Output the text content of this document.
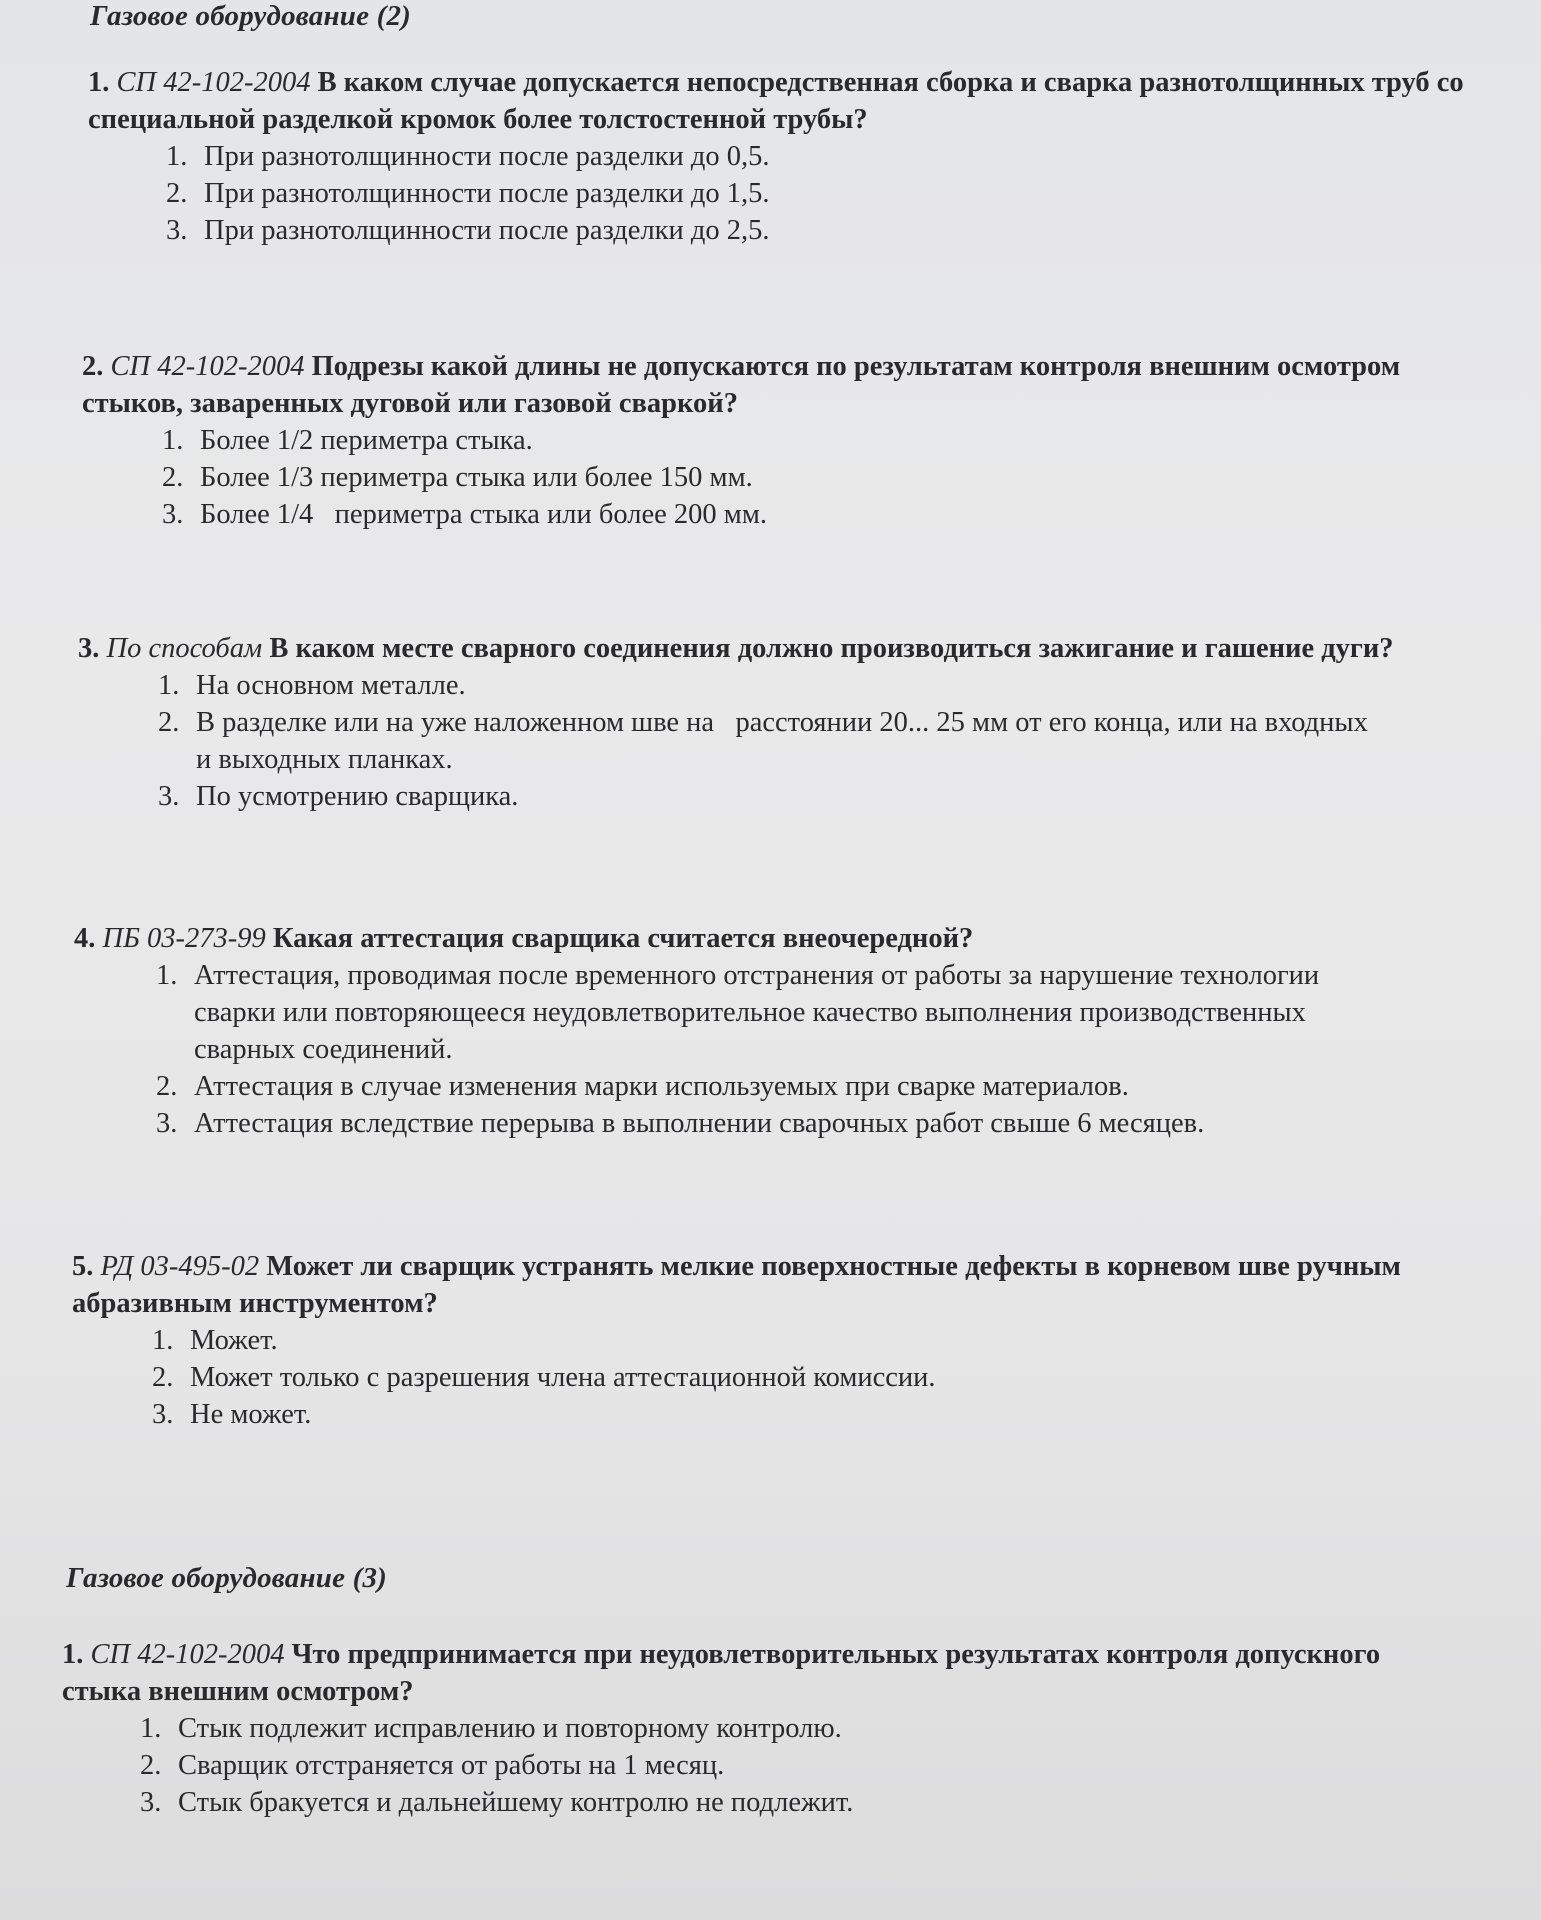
Газовое оборудование (2)
1. СП 42-102-2004 В каком случае допускается непосредственная сборка и сварка разнотолщинных труб со специальной разделкой кромок более толстостенной трубы?
1. При разнотолщинности после разделки до 0,5.
2. При разнотолщинности после разделки до 1,5.
3. При разнотолщинности после разделки до 2,5.
2. СП 42-102-2004 Подрезы какой длины не допускаются по результатам контроля внешним осмотром стыков, заваренных дуговой или газовой сваркой?
1. Более 1/2 периметра стыка.
2. Более 1/3 периметра стыка или более 150 мм.
3. Более 1/4   периметра стыка или более 200 мм.
3. По способам В каком месте сварного соединения должно производиться зажигание и гашение дуги?
1. На основном металле.
2. В разделке или на уже наложенном шве на   расстоянии 20... 25 мм от его конца, или на входных и выходных планках.
3. По усмотрению сварщика.
4. ПБ 03-273-99 Какая аттестация сварщика считается внеочередной?
1. Аттестация, проводимая после временного отстранения от работы за нарушение технологии сварки или повторяющееся неудовлетворительное качество выполнения производственных сварных соединений.
2. Аттестация в случае изменения марки используемых при сварке материалов.
3. Аттестация вследствие перерыва в выполнении сварочных работ свыше 6 месяцев.
5. РД 03-495-02 Может ли сварщик устранять мелкие поверхностные дефекты в корневом шве ручным абразивным инструментом?
1. Может.
2. Может только с разрешения члена аттестационной комиссии.
3. Не может.
Газовое оборудование (3)
1. СП 42-102-2004 Что предпринимается при неудовлетворительных результатах контроля допускного стыка внешним осмотром?
1. Стык подлежит исправлению и повторному контролю.
2. Сварщик отстраняется от работы на 1 месяц.
3. Стык бракуется и дальнейшему контролю не подлежит.
